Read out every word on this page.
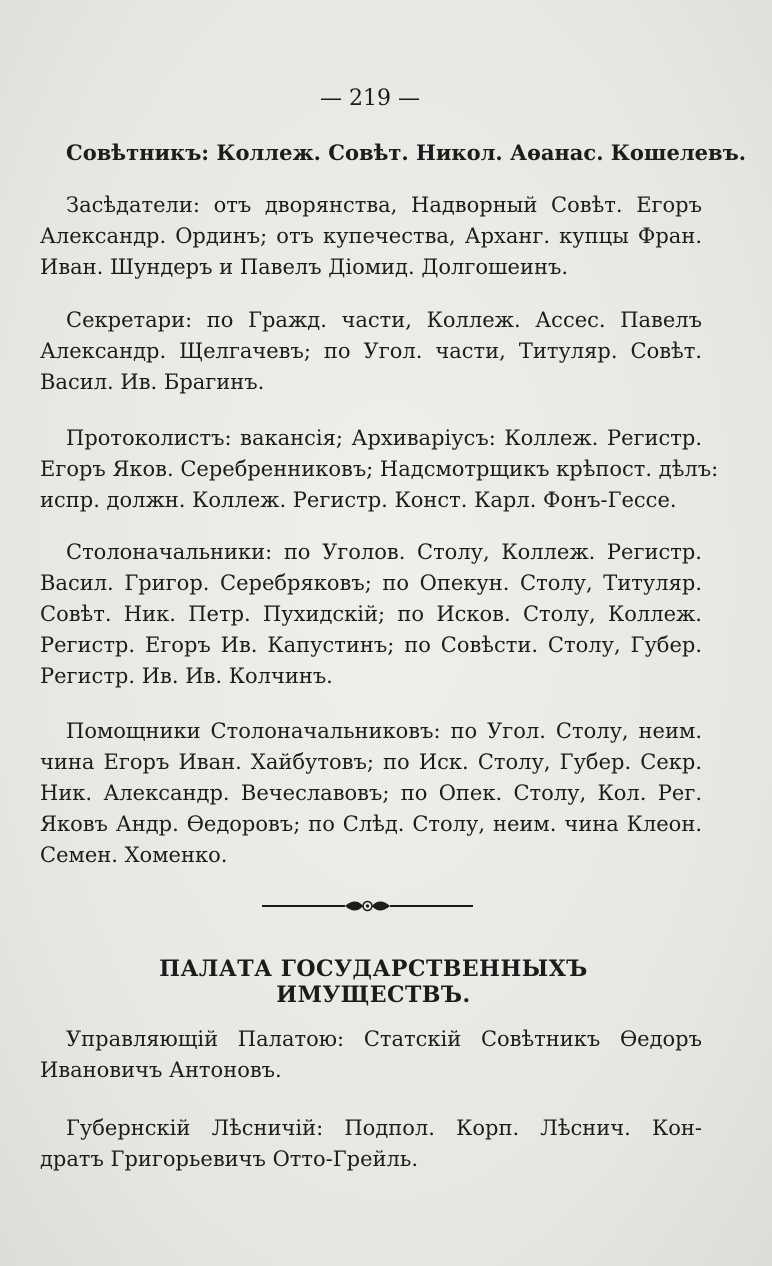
— 219 —
Совѣтникъ: Коллеж. Совѣт. Никол. Аѳанас. Кошелевъ.
Засѣдатели: отъ дворянства, Надворный Совѣт. Егоръ
Александр. Ординъ; отъ купечества, Арханг. купцы Фран.
Иван. Шундеръ и Павелъ Діомид. Долгошеинъ.
Секретари: по Гражд. части, Коллеж. Ассес. Павелъ
Александр. Щелгачевъ; по Угол. части, Титуляр. Совѣт.
Васил. Ив. Брагинъ.
Протоколистъ: вакансія; Архиваріусъ: Коллеж. Регистр.
Егоръ Яков. Серебренниковъ; Надсмотрщикъ крѣпост. дѣлъ:
испр. должн. Коллеж. Регистр. Конст. Карл. Фонъ-Гессе.
Столоначальники: по Уголов. Столу, Коллеж. Регистр.
Васил. Григор. Серебряковъ; по Опекун. Столу, Титуляр.
Совѣт. Ник. Петр. Пухидскій; по Исков. Столу, Коллеж.
Регистр. Егоръ Ив. Капустинъ; по Совѣсти. Столу, Губер.
Регистр. Ив. Ив. Колчинъ.
Помощники Столоначальниковъ: по Угол. Столу, неим.
чина Егоръ Иван. Хайбутовъ; по Иск. Столу, Губер. Секр.
Ник. Александр. Вечеславовъ; по Опек. Столу, Кол. Рег.
Яковъ Андр. Ѳедоровъ; по Слѣд. Столу, неим. чина Клеон.
Семен. Хоменко.
ПАЛАТА ГОСУДАРСТВЕННЫХЪ ИМУЩЕСТВЪ.
Управляющій Палатою: Статскій Совѣтникъ Ѳедоръ
Ивановичъ Антоновъ.
Губернскій Лѣсничій: Подпол. Корп. Лѣснич. Кон-
дратъ Григорьевичъ Отто-Грейль.
